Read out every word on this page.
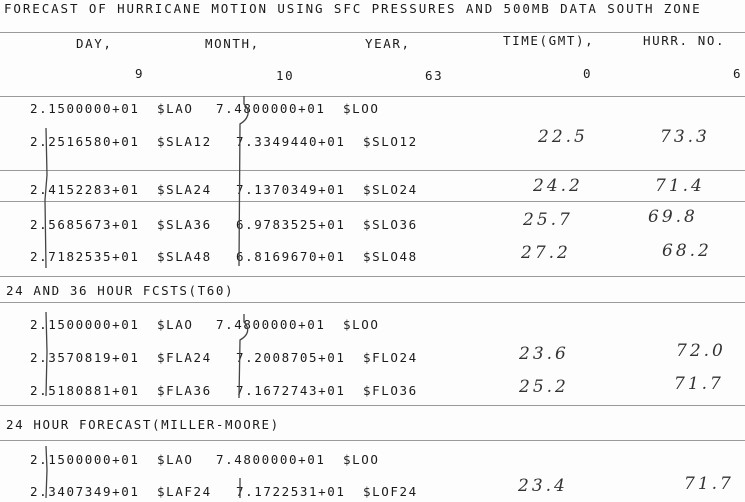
FORECAST OF HURRICANE MOTION USING SFC PRESSURES AND 500MB DATA SOUTH ZONE
DAY,	MONTH,	YEAR,	TIME(GMT),	HURR. NO.
9	10	63	0	6
2.1500000+01 $LAO 7.4800000+01 $LOO
2.2516580+01 $SLA12 7.3349440+01 $SLO12	22.5	73.3
2.4152283+01 $SLA24 7.1370349+01 $SLO24	24.2	71.4
2.5685673+01 $SLA36 6.9783525+01 $SLO36	25.7	69.8
2.7182535+01 $SLA48 6.8169670+01 $SLO48	27.2	68.2
24 AND 36 HOUR FCSTS(T60)
2.1500000+01 $LAO 7.4800000+01 $LOO
2.3570819+01 $FLA24 7.2008705+01 $FLO24	23.6	72.0
2.5180881+01 $FLA36 7.1672743+01 $FLO36	25.2	71.7
24 HOUR FORECAST(MILLER-MOORE)
2.1500000+01 $LAO 7.4800000+01 $LOO
2.3407349+01 $LAF24 7.1722531+01 $LOF24	23.4	71.7
